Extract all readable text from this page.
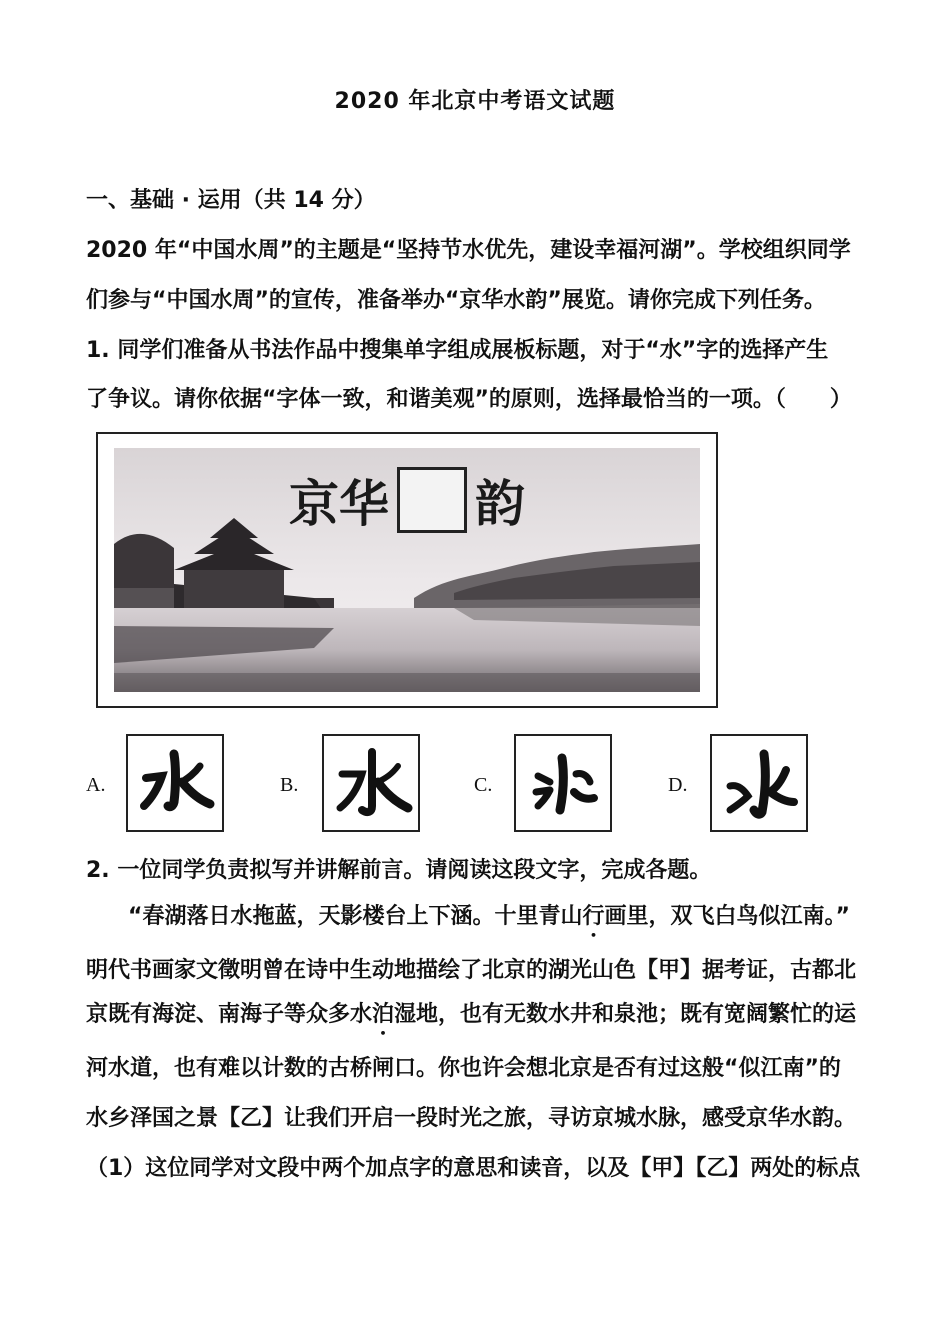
2020 年北京中考语文试题
一、基础 · 运用（共 14 分）
2020 年“中国水周”的主题是“坚持节水优先，建设幸福河湖”。学校组织同学
们参与“中国水周”的宣传，准备举办“京华水韵”展览。请你完成下列任务。
1. 同学们准备从书法作品中搜集单字组成展板标题，对于“水”字的选择产生
了争议。请你依据“字体一致，和谐美观”的原则，选择最恰当的一项。（　　）
京华 韵
A.	B.	C.	D.
2. 一位同学负责拟写并讲解前言。请阅读这段文字，完成各题。
“春湖落日水拖蓝，天影楼台上下涵。十里青山行画里，双飞白鸟似江南。”
明代书画家文徵明曾在诗中生动地描绘了北京的湖光山色【甲】据考证，古都北
京既有海淀、南海子等众多水泊湿地，也有无数水井和泉池；既有宽阔繁忙的运
河水道，也有难以计数的古桥闸口。你也许会想北京是否有过这般“似江南”的
水乡泽国之景【乙】让我们开启一段时光之旅，寻访京城水脉，感受京华水韵。
（1）这位同学对文段中两个加点字的意思和读音，以及【甲】【乙】两处的标点
